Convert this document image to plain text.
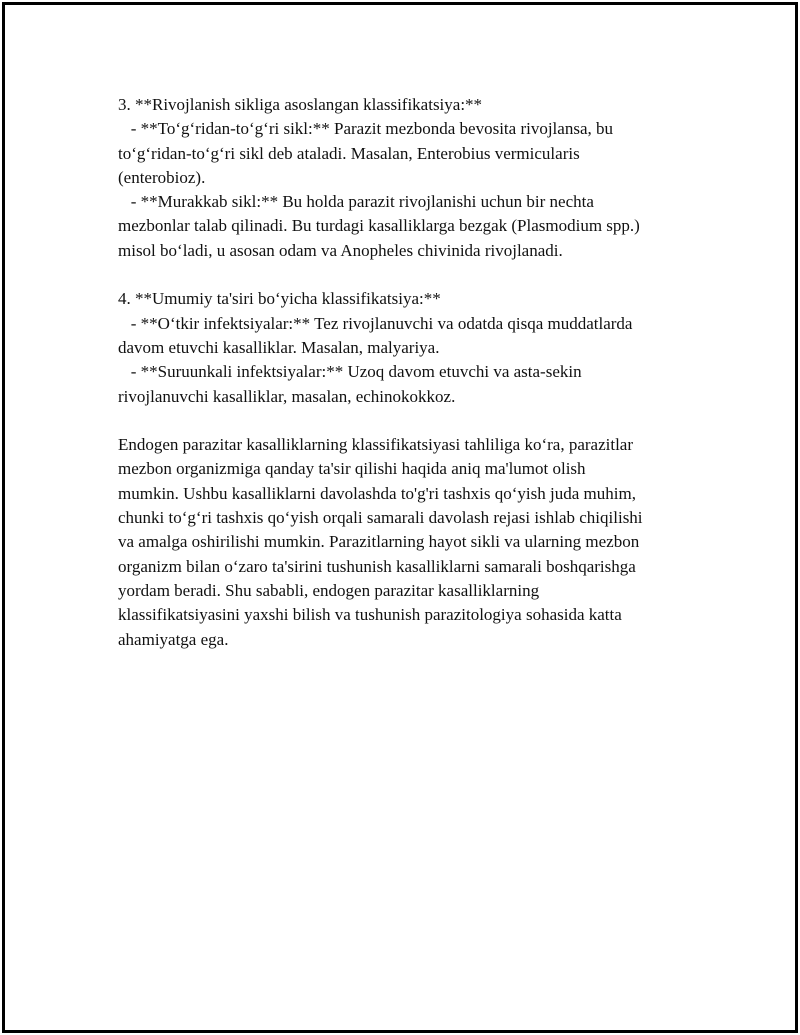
3. **Rivojlanish sikliga asoslangan klassifikatsiya:**
- **To‘g‘ridan-to‘g‘ri sikl:** Parazit mezbonda bevosita rivojlansa, bu
to‘g‘ridan-to‘g‘ri sikl deb ataladi. Masalan, Enterobius vermicularis
(enterobioz).
- **Murakkab sikl:** Bu holda parazit rivojlanishi uchun bir nechta
mezbonlar talab qilinadi. Bu turdagi kasalliklarga bezgak (Plasmodium spp.)
misol bo‘ladi, u asosan odam va Anopheles chivinida rivojlanadi.
4. **Umumiy ta'siri bo‘yicha klassifikatsiya:**
- **O‘tkir infektsiyalar:** Tez rivojlanuvchi va odatda qisqa muddatlarda
davom etuvchi kasalliklar. Masalan, malyariya.
- **Suruunkali infektsiyalar:** Uzoq davom etuvchi va asta-sekin
rivojlanuvchi kasalliklar, masalan, echinokokkoz.
Endogen parazitar kasalliklarning klassifikatsiyasi tahliliga ko‘ra, parazitlar
mezbon organizmiga qanday ta'sir qilishi haqida aniq ma'lumot olish
mumkin. Ushbu kasalliklarni davolashda to'g'ri tashxis qo‘yish juda muhim,
chunki to‘g‘ri tashxis qo‘yish orqali samarali davolash rejasi ishlab chiqilishi
va amalga oshirilishi mumkin. Parazitlarning hayot sikli va ularning mezbon
organizm bilan o‘zaro ta'sirini tushunish kasalliklarni samarali boshqarishga
yordam beradi. Shu sababli, endogen parazitar kasalliklarning
klassifikatsiyasini yaxshi bilish va tushunish parazitologiya sohasida katta
ahamiyatga ega.
